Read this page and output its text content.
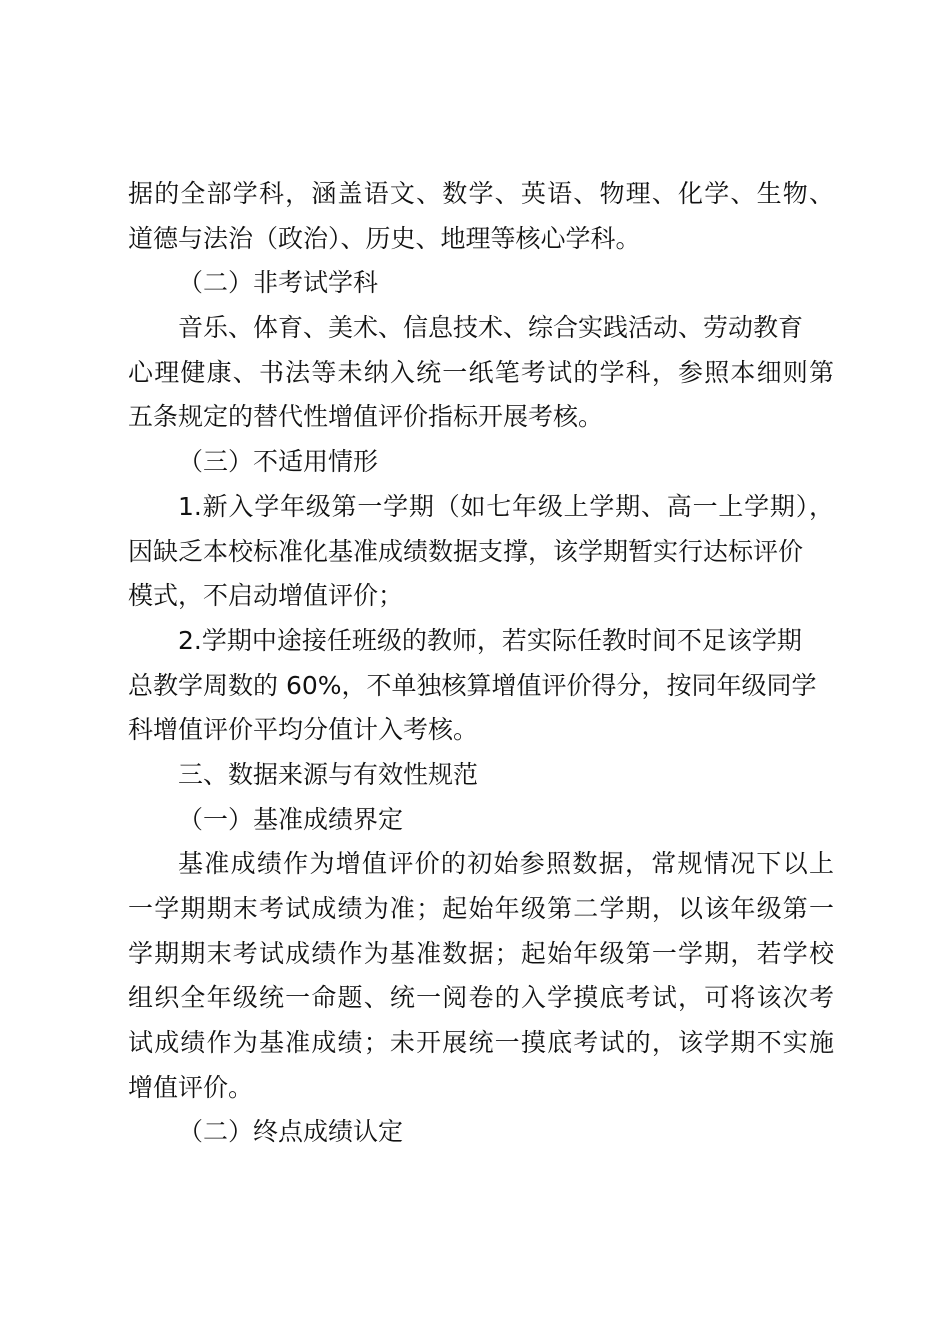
据的全部学科，涵盖语文、数学、英语、物理、化学、生物、
道德与法治（政治）、历史、地理等核心学科。
（二）非考试学科
音乐、体育、美术、信息技术、综合实践活动、劳动教育
心理健康、书法等未纳入统一纸笔考试的学科，参照本细则第
五条规定的替代性增值评价指标开展考核。
（三）不适用情形
1.新入学年级第一学期（如七年级上学期、高一上学期），
因缺乏本校标准化基准成绩数据支撑，该学期暂实行达标评价
模式，不启动增值评价；
2.学期中途接任班级的教师，若实际任教时间不足该学期
总教学周数的 60%，不单独核算增值评价得分，按同年级同学
科增值评价平均分值计入考核。
三、数据来源与有效性规范
（一）基准成绩界定
基准成绩作为增值评价的初始参照数据，常规情况下以上
一学期期末考试成绩为准；起始年级第二学期，以该年级第一
学期期末考试成绩作为基准数据；起始年级第一学期，若学校
组织全年级统一命题、统一阅卷的入学摸底考试，可将该次考
试成绩作为基准成绩；未开展统一摸底考试的，该学期不实施
增值评价。
（二）终点成绩认定
